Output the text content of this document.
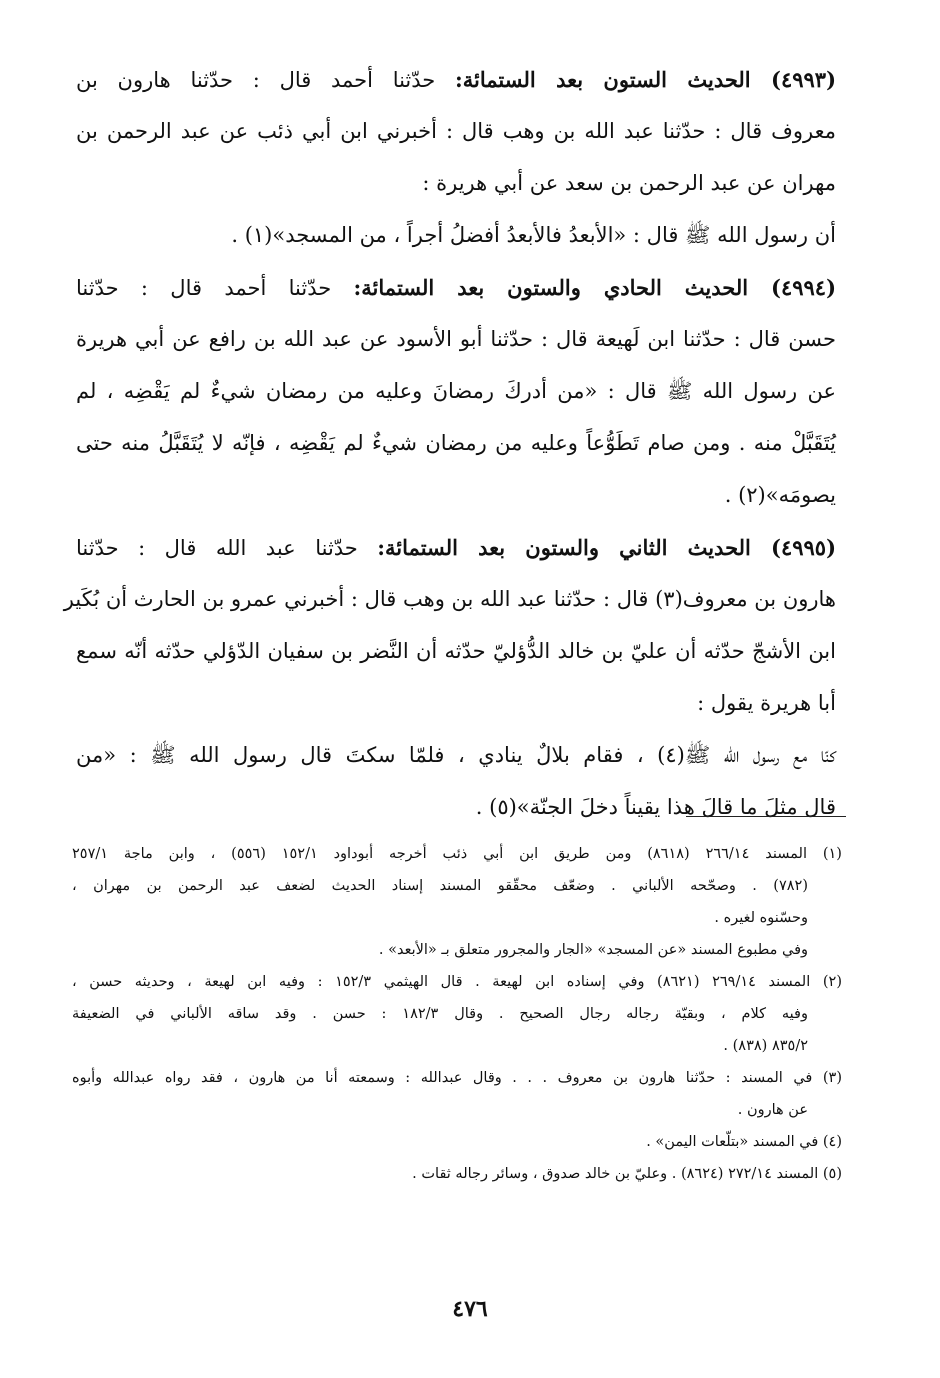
(٤٩٩٣) الحديث الستون بعد الستمائة: حدّثنا أحمد قال : حدّثنا هارون بن
معروف قال : حدّثنا عبد الله بن وهب قال : أخبرني ابن أبي ذئب عن عبد الرحمن بن
مهران عن عبد الرحمن بن سعد عن أبي هريرة :
أن رسول الله ﷺ قال : «الأبعدُ فالأبعدُ أفضلُ أجراً ، من المسجد»(١) .
(٤٩٩٤) الحديث الحادي والستون بعد الستمائة: حدّثنا أحمد قال : حدّثنا
حسن قال : حدّثنا ابن لَهيعة قال : حدّثنا أبو الأسود عن عبد الله بن رافع عن أبي هريرة
عن رسول الله ﷺ قال : «من أدركَ رمضانَ وعليه من رمضان شيءٌ لم يَقْضِه ، لم
يُتَقَبَّلْ منه . ومن صام تَطَوُّعاً وعليه من رمضان شيءٌ لم يَقْضِه ، فإنّه لا يُتَقَبَّلُ منه حتى
يصومَه»(٢) .
(٤٩٩٥) الحديث الثاني والستون بعد الستمائة: حدّثنا عبد الله قال : حدّثنا
هارون بن معروف(٣) قال : حدّثنا عبد الله بن وهب قال : أخبرني عمرو بن الحارث أن بُكَير
ابن الأشجّ حدّثه أن عليّ بن خالد الدُّؤليّ حدّثه أن النَّضر بن سفيان الدّؤلي حدّثه أنّه سمع
أبا هريرة يقول :
كنّا مع رسول الله ﷺ(٤) ، فقام بلالٌ ينادي ، فلمّا سكتَ قال رسول الله ﷺ : «من
قال مثلَ ما قالَ هذا يقيناً دخلَ الجنّة»(٥) .
(١) المسند ٢٦٦/١٤ (٨٦١٨) ومن طريق ابن أبي ذئب أخرجه أبوداود ١٥٢/١ (٥٥٦) ، وابن ماجة ٢٥٧/١
(٧٨٢) . وصحّحه الألباني . وضعّف محقّقو المسند إسناد الحديث لضعف عبد الرحمن بن مهران ،
وحسّنوه لغيره .
وفي مطبوع المسند «عن المسجد» «الجار والمجرور متعلق بـ «الأبعد» .
(٢) المسند ٢٦٩/١٤ (٨٦٢١) وفي إسناده ابن لهيعة . قال الهيثمي ١٥٢/٣ : وفيه ابن لهيعة ، وحديثه حسن ،
وفيه كلام ، وبقيّة رجاله رجال الصحيح . وقال ١٨٢/٣ : حسن . وقد ساقه الألباني في الضعيفة
٨٣٥/٢ (٨٣٨) .
(٣) في المسند : حدّثنا هارون بن معروف . . . وقال عبدالله : وسمعته أنا من هارون ، فقد رواه عبدالله وأبوه
عن هارون .
(٤) في المسند «بتلّعات اليمن» .
(٥) المسند ٢٧٢/١٤ (٨٦٢٤) . وعليّ بن خالد صدوق ، وسائر رجاله ثقات .
٤٧٦
